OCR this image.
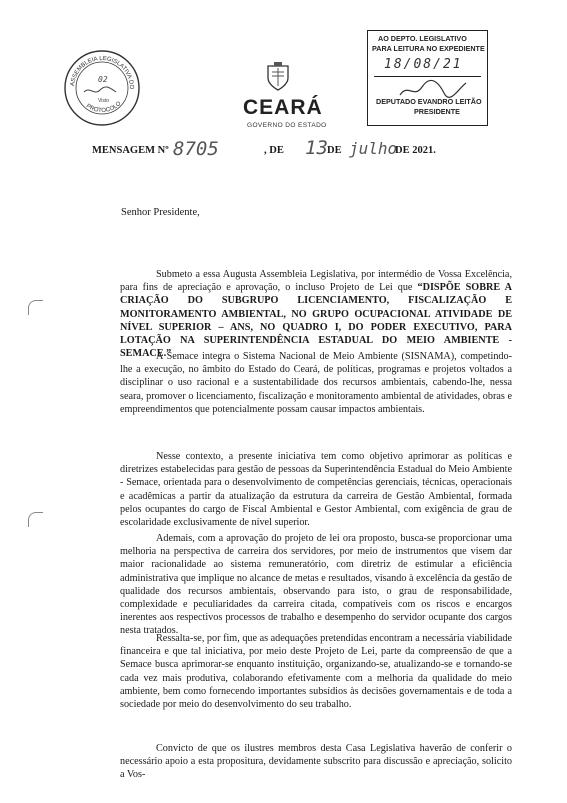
ASSEMBLEIA LEGISLATIVA DO
PROTOCOLO
02
Visto	CEARÁ
GOVERNO DO ESTADO
AO DEPTO. LEGISLATIVO
PARA LEITURA NO EXPEDIENTE
18/08/21
DEPUTADO EVANDRO LEITÃO
PRESIDENTE
MENSAGEM Nº 8705	, DE 13 DE julho
DE 2021.
Senhor Presidente,

Submeto a essa Augusta Assembleia Legislativa, por intermédio de Vossa Excelência, para fins de apreciação e aprovação, o incluso Projeto de Lei que “DISPÕE SOBRE A CRIAÇÃO DO SUBGRUPO LICENCIAMENTO, FISCALIZAÇÃO E MONITORAMENTO AMBIENTAL, NO GRUPO OCUPACIONAL ATIVIDADE DE NÍVEL SUPERIOR – ANS, NO QUADRO I, DO PODER EXECUTIVO, PARA LOTAÇÃO NA SUPERINTENDÊNCIA ESTADUAL DO MEIO AMBIENTE - SEMACE.”

A Semace integra o Sistema Nacional de Meio Ambiente (SISNAMA), competindo-lhe a execução, no âmbito do Estado do Ceará, de políticas, programas e projetos voltados a disciplinar o uso racional e a sustentabilidade dos recursos ambientais, cabendo-lhe, nessa seara, promover o licenciamento, fiscalização e monitoramento ambiental de atividades, obras e empreendimentos que potencialmente possam causar impactos ambientais.

Nesse contexto, a presente iniciativa tem como objetivo aprimorar as políticas e diretrizes estabelecidas para gestão de pessoas da Superintendência Estadual do Meio Ambiente - Semace, orientada para o desenvolvimento de competências gerenciais, técnicas, operacionais e acadêmicas a partir da atualização da estrutura da carreira de Gestão Ambiental, formada pelos ocupantes do cargo de Fiscal Ambiental e Gestor Ambiental, com exigência de grau de escolaridade exclusivamente de nível superior.

Ademais, com a aprovação do projeto de lei ora proposto, busca-se proporcionar uma melhoria na perspectiva de carreira dos servidores, por meio de instrumentos que visem dar maior racionalidade ao sistema remuneratório, com diretriz de estimular a eficiência administrativa que implique no alcance de metas e resultados, visando à excelência da gestão de qualidade dos recursos ambientais, observando para isto, o grau de responsabilidade, complexidade e peculiaridades da carreira citada, compatíveis com os riscos e encargos inerentes aos respectivos processos de trabalho e desempenho do servidor ocupante dos cargos nesta tratados.

Ressalta-se, por fim, que as adequações pretendidas encontram a necessária viabilidade financeira e que tal iniciativa, por meio deste Projeto de Lei, parte da compreensão de que a Semace busca aprimorar-se enquanto instituição, organizando-se, atualizando-se e tornando-se cada vez mais produtiva, colaborando efetivamente com a melhoria da qualidade do meio ambiente, bem como fornecendo importantes subsídios às decisões governamentais e de toda a sociedade por meio do desenvolvimento do seu trabalho.

Convicto de que os ilustres membros desta Casa Legislativa haverão de conferir o necessário apoio a esta propositura, devidamente subscrito para discussão e apreciação, solicito a Vos-
